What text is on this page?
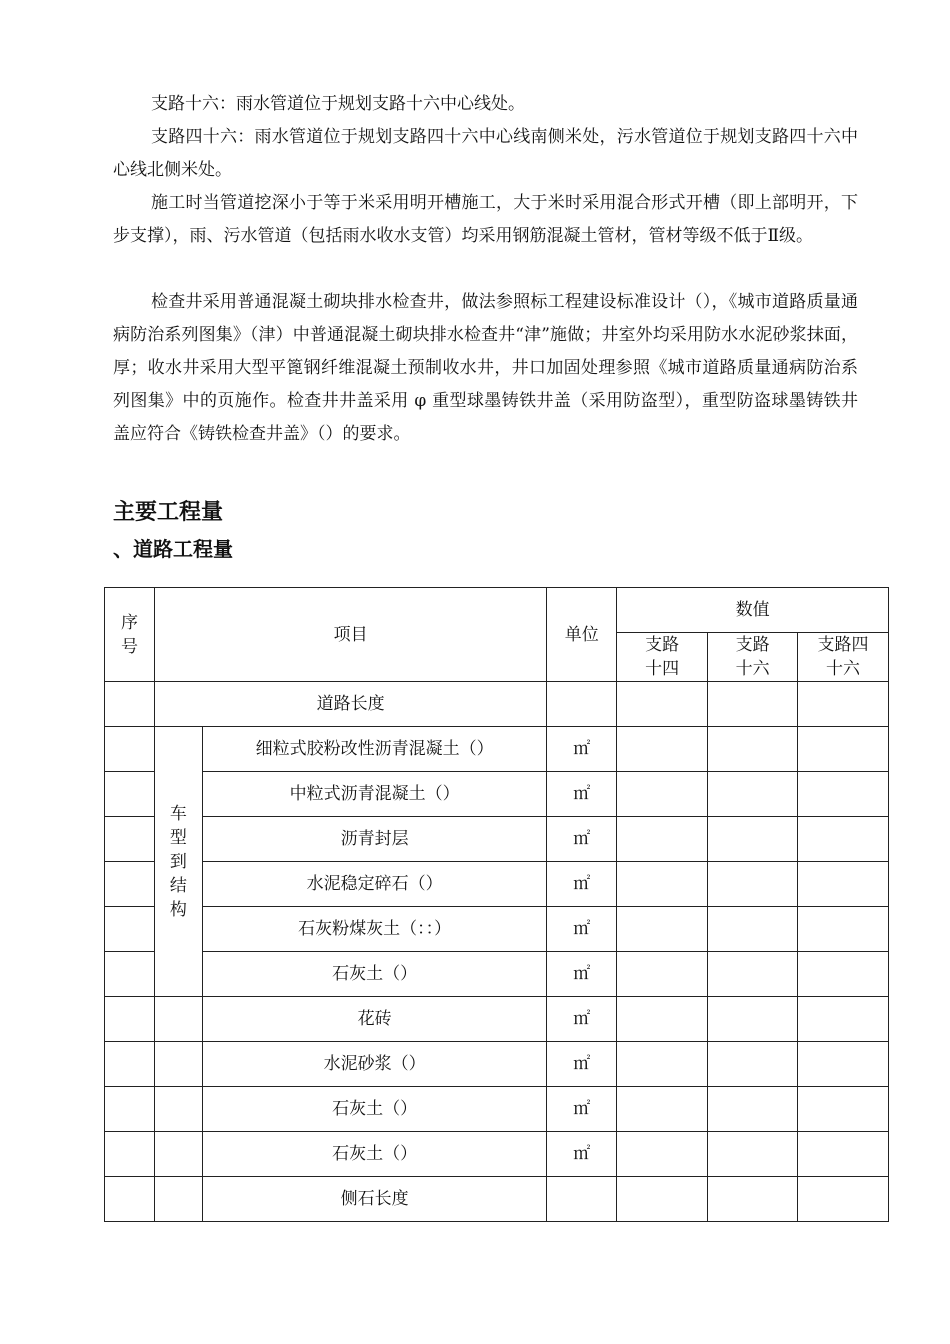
支路十六：雨水管道位于规划支路十六中心线处。

支路四十六：雨水管道位于规划支路四十六中心线南侧米处，污水管道位于规划支路四十六中心线北侧米处。

施工时当管道挖深小于等于米采用明开槽施工，大于米时采用混合形式开槽（即上部明开，下步支撑），雨、污水管道（包括雨水收水支管）均采用钢筋混凝土管材，管材等级不低于Ⅱ级。

检查井采用普通混凝土砌块排水检查井，做法参照标工程建设标准设计（），《城市道路质量通病防治系列图集》（津）中普通混凝土砌块排水检查井“津”施做；井室外均采用防水水泥砂浆抹面，厚；收水井采用大型平篦钢纤维混凝土预制收水井，井口加固处理参照《城市道路质量通病防治系列图集》中的页施作。检查井井盖采用 φ 重型球墨铸铁井盖（采用防盗型），重型防盗球墨铸铁井盖应符合《铸铁检查井盖》（）的要求。

主要工程量
、道路工程量
序号	项目		单位	数值		
				支路十四	支路十六	支路四十六
	道路长度					
	车型到结构	细粒式胶粉改性沥青混凝土（）	㎡			
		中粒式沥青混凝土（）	㎡			
		沥青封层	㎡			
		水泥稳定碎石（）	㎡			
		石灰粉煤灰土（：：）	㎡			
		石灰土（）	㎡			
		花砖	㎡			
		水泥砂浆（）	㎡			
		石灰土（）	㎡			
		石灰土（）	㎡			
		侧石长度				
